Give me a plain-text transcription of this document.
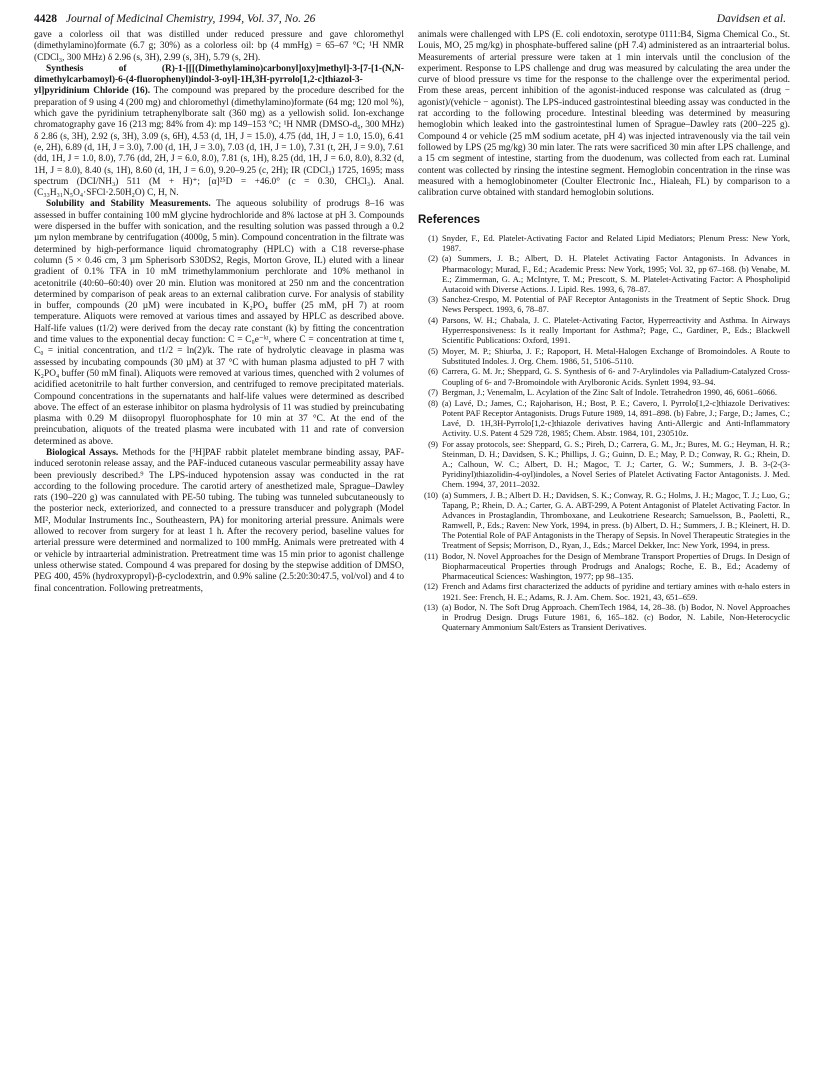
4428 Journal of Medicinal Chemistry, 1994, Vol. 37, No. 26	Davidsen et al.

gave a colorless oil that was distilled under reduced pressure and gave chloromethyl (dimethylamino)formate (6.7 g; 30%) as a colorless oil: bp (4 mmHg) = 65–67 °C; ¹H NMR (CDCl₃, 300 MHz) δ 2.96 (s, 3H), 2.99 (s, 3H), 5.79 (s, 2H).

Synthesis of (R)-1-[[[(Dimethylamino)carbonyl]oxy]methyl]-3-[7-[1-(N,N-dimethylcarbamoyl)-6-(4-fluorophenyl)indol-3-oyl]-1H,3H-pyrrolo[1,2-c]thiazol-3-yl]pyridinium Chloride (16). The compound was prepared by the procedure described for the preparation of 9 using 4 (200 mg) and chloromethyl (dimethylamino)formate (64 mg; 120 mol %), which gave the pyridinium tetraphenylborate salt (360 mg) as a yellowish solid. Ion-exchange chromatography gave 16 (213 mg; 84% from 4): mp 149–153 °C; ¹H NMR (DMSO-d₆, 300 MHz) δ 2.86 (s, 3H), 2.92 (s, 3H), 3.09 (s, 6H), 4.53 (d, 1H, J = 15.0), 4.75 (dd, 1H, J = 1.0, 15.0), 6.41 (e, 2H), 6.89 (d, 1H, J = 3.0), 7.00 (d, 1H, J = 3.0), 7.03 (d, 1H, J = 1.0), 7.31 (t, 2H, J = 9.0), 7.61 (dd, 1H, J = 1.0, 8.0), 7.76 (dd, 2H, J = 6.0, 8.0), 7.81 (s, 1H), 8.25 (dd, 1H, J = 6.0, 8.0), 8.32 (d, 1H, J = 8.0), 8.40 (s, 1H), 8.60 (d, 1H, J = 6.0), 9.20–9.25 (c, 2H); IR (CDCl₃) 1725, 1695; mass spectrum (DCI/NH₃) 511 (M + H)⁺; [α]²⁵D = +46.0° (c = 0.30, CHCl₃). Anal. (C₃₃H₃₁N₅O₄·SFCl·2.50H₂O) C, H, N.

Solubility and Stability Measurements. The aqueous solubility of prodrugs 8–16 was assessed in buffer containing 100 mM glycine hydrochloride and 8% lactose at pH 3. Compounds were dispersed in the buffer with sonication, and the resulting solution was passed through a 0.2 µm nylon membrane by centrifugation (4000g, 5 min). Compound concentration in the filtrate was determined by high-performance liquid chromatography (HPLC) with a C18 reverse-phase column (5 × 0.46 cm, 3 µm Spherisorb S30DS2, Regis, Morton Grove, IL) eluted with a linear gradient of 0.1% TFA in 10 mM trimethylammonium perchlorate and 10% methanol in acetonitrile (40:60–60:40) over 20 min. Elution was monitored at 250 nm and the concentration determined by comparison of peak areas to an external calibration curve. For analysis of stability in buffer, compounds (20 µM) were incubated in K₂PO₄ buffer (25 mM, pH 7) at room temperature. Aliquots were removed at various times and assayed by HPLC as described above. Half-life values (t1/2) were derived from the decay rate constant (k) by fitting the concentration and time values to the exponential decay function: C = C₀e⁻ᵏᵗ, where C = concentration at time t, C₀ = initial concentration, and t1/2 = ln(2)/k. The rate of hydrolytic cleavage in plasma was assessed by incubating compounds (30 µM) at 37 °C with human plasma adjusted to pH 7 with K₂PO₄ buffer (50 mM final). Aliquots were removed at various times, quenched with 2 volumes of acidified acetonitrile to halt further conversion, and centrifuged to remove precipitated materials. Compound concentrations in the supernatants and half-life values were determined as described above. The effect of an esterase inhibitor on plasma hydrolysis of 11 was studied by preincubating plasma with 0.29 M diisopropyl fluorophosphate for 10 min at 37 °C. At the end of the preincubation, aliquots of the treated plasma were incubated with 11 and rate of conversion determined as above.

Biological Assays. Methods for the [³H]PAF rabbit platelet membrane binding assay, PAF-induced serotonin release assay, and the PAF-induced cutaneous vascular permeability assay have been previously described.⁹ The LPS-induced hypotension assay was conducted in the rat according to the following procedure. The carotid artery of anesthetized male, Sprague–Dawley rats (190–220 g) was cannulated with PE-50 tubing. The tubing was tunneled subcutaneously to the posterior neck, exteriorized, and connected to a pressure transducer and polygraph (Model MI², Modular Instruments Inc., Southeastern, PA) for monitoring arterial pressure. Animals were allowed to recover from surgery for at least 1 h. After the recovery period, baseline values for arterial pressure were determined and normalized to 100 mmHg. Animals were pretreated with 4 or vehicle by intraarterial administration. Pretreatment time was 15 min prior to agonist challenge unless otherwise stated. Compound 4 was prepared for dosing by the stepwise addition of DMSO, PEG 400, 45% (hydroxypropyl)-β-cyclodextrin, and 0.9% saline (2.5:20:30:47.5, vol/vol) and 4 to final concentration. Following pretreatments,

animals were challenged with LPS (E. coli endotoxin, serotype 0111:B4, Sigma Chemical Co., St. Louis, MO, 25 mg/kg) in phosphate-buffered saline (pH 7.4) administered as an intraarterial bolus. Measurements of arterial pressure were taken at 1 min intervals until the conclusion of the experiment. Response to LPS challenge and drug was measured by calculating the area under the curve of blood pressure vs time for the response to the challenge over the experimental period. From these areas, percent inhibition of the agonist-induced response was calculated as (drug − agonist)/(vehicle − agonist). The LPS-induced gastrointestinal bleeding assay was conducted in the rat according to the following procedure. Intestinal bleeding was determined by measuring hemoglobin which leaked into the gastrointestinal lumen of Sprague–Dawley rats (200–225 g). Compound 4 or vehicle (25 mM sodium acetate, pH 4) was injected intravenously via the tail vein followed by LPS (25 mg/kg) 30 min later. The rats were sacrificed 30 min after LPS challenge, and a 15 cm segment of intestine, starting from the duodenum, was collected from each rat. Luminal content was collected by rinsing the intestine segment. Hemoglobin concentration in the rinse was measured with a hemoglobinometer (Coulter Electronic Inc., Hialeah, FL) by comparison to a calibration curve obtained with standard hemoglobin solutions.

References
(1) Snyder, F., Ed. Platelet-Activating Factor and Related Lipid Mediators; Plenum Press: New York, 1987.
(2) (a) Summers, J. B.; Albert, D. H. Platelet Activating Factor Antagonists. In Advances in Pharmacology; Murad, F., Ed.; Academic Press: New York, 1995; Vol. 32, pp 67–168. (b) Venabe, M. E.; Zimmerman, G. A.; McIntyre, T. M.; Prescott, S. M. Platelet-Activating Factor: A Phospholipid Autacoid with Diverse Actions. J. Lipid. Res. 1993, 6, 78–87.
(3) Sanchez-Crespo, M. Potential of PAF Receptor Antagonists in the Treatment of Septic Shock. Drug News Perspect. 1993, 6, 78–87.
(4) Parsons, W. H.; Chabala, J. C. Platelet-Activating Factor, Hyperreactivity and Asthma. In Airways Hyperresponsiveness: Is it really Important for Asthma?; Page, C., Gardiner, P., Eds.; Blackwell Scientific Publications: Oxford, 1991.
(5) Moyer, M. P.; Shiurba, J. F.; Rapoport, H. Metal-Halogen Exchange of Bromoindoles. A Route to Substituted Indoles. J. Org. Chem. 1986, 51, 5106–5110.
(6) Carrera, G. M. Jr.; Sheppard, G. S. Synthesis of 6- and 7-Arylindoles via Palladium-Catalyzed Cross-Coupling of 6- and 7-Bromoindole with Arylboronic Acids. Synlett 1994, 93–94.
(7) Bergman, J.; Venemalm, L. Acylation of the Zinc Salt of Indole. Tetrahedron 1990, 46, 6061–6066.
(8) (a) Lavé, D.; James, C.; Rajoharison, H.; Bost, P. E.; Cavero, I. Pyrrolo[1,2-c]thiazole Derivatives: Potent PAF Receptor Antagonists. Drugs Future 1989, 14, 891–898. (b) Fabre, J.; Farge, D.; James, C.; Lavé, D. 1H,3H-Pyrrolo[1,2-c]thiazole derivatives having Anti-Allergic and Anti-Inflammatory Activity. U.S. Patent 4 529 728, 1985; Chem. Abstr. 1984, 101, 230510z.
(9) For assay protocols, see: Sheppard, G. S.; Pireh, D.; Carrera, G. M., Jr.; Bures, M. G.; Heyman, H. R.; Steinman, D. H.; Davidsen, S. K.; Phillips, J. G.; Guinn, D. E.; May, P. D.; Conway, R. G.; Rhein, D. A.; Calhoun, W. C.; Albert, D. H.; Magoc, T. J.; Carter, G. W.; Summers, J. B. 3-(2-(3-Pyridinyl)thiazolidin-4-oyl)indoles, a Novel Series of Platelet Activating Factor Antagonists. J. Med. Chem. 1994, 37, 2011–2032.
(10) (a) Summers, J. B.; Albert D. H.; Davidsen, S. K.; Conway, R. G.; Holms, J. H.; Magoc, T. J.; Luo, G.; Tapang, P.; Rhein, D. A.; Carter, G. A. ABT-299, A Potent Antagonist of Platelet Activating Factor. In Advances in Prostaglandin, Thromboxane, and Leukotriene Research; Samuelsson, B., Paoletti, R., Ramwell, P., Eds.; Raven: New York, 1994, in press. (b) Albert, D. H.; Summers, J. B.; Kleinert, H. D. The Potential Role of PAF Antagonists in the Therapy of Sepsis. In Novel Therapeutic Strategies in the Treatment of Sepsis; Morrison, D., Ryan, J., Eds.; Marcel Dekker, Inc: New York, 1994, in press.
(11) Bodor, N. Novel Approaches for the Design of Membrane Transport Properties of Drugs. In Design of Biopharmaceutical Properties through Prodrugs and Analogs; Roche, E. B., Ed.; Academy of Pharmaceutical Sciences: Washington, 1977; pp 98–135.
(12) French and Adams first characterized the adducts of pyridine and tertiary amines with α-halo esters in 1921. See: French, H. E.; Adams, R. J. Am. Chem. Soc. 1921, 43, 651–659.
(13) (a) Bodor, N. The Soft Drug Approach. ChemTech 1984, 14, 28–38. (b) Bodor, N. Novel Approaches in Prodrug Design. Drugs Future 1981, 6, 165–182. (c) Bodor, N. Labile, Non-Heterocyclic Quaternary Ammonium Salt/Esters as Transient Derivatives.
